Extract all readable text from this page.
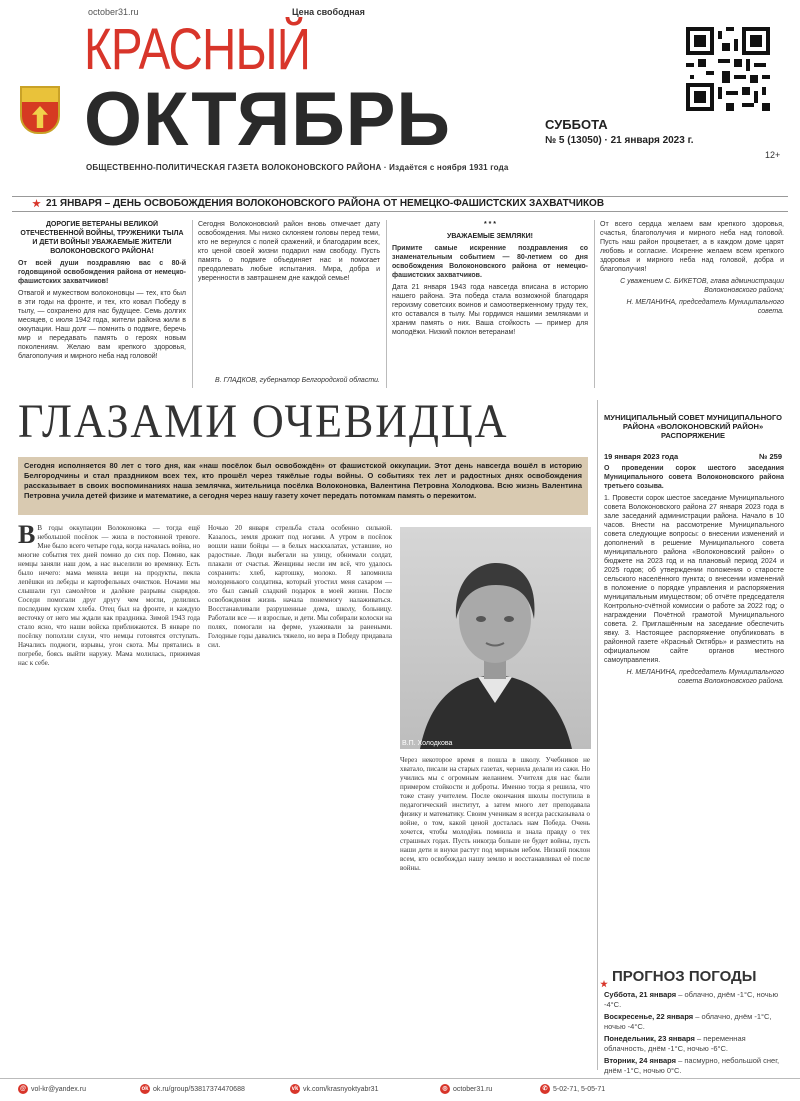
october31.ru	Цена свободная
КРАСНЫЙ
ОКТЯБРЬ
ОБЩЕСТВЕННО-ПОЛИТИЧЕСКАЯ ГАЗЕТА ВОЛОКОНОВСКОГО РАЙОНА · Издаётся с ноября 1931 года
СУББОТА
№ 5 (13050) · 21 января 2023 г.
12+
21 ЯНВАРЯ – ДЕНЬ ОСВОБОЖДЕНИЯ ВОЛОКОНОВСКОГО РАЙОНА ОТ НЕМЕЦКО-ФАШИСТСКИХ ЗАХВАТЧИКОВ

ДОРОГИЕ ВЕТЕРАНЫ ВЕЛИКОЙ ОТЕЧЕСТВЕННОЙ ВОЙНЫ, ТРУЖЕНИКИ ТЫЛА И ДЕТИ ВОЙНЫ! УВАЖАЕМЫЕ ЖИТЕЛИ ВОЛОКОНОВСКОГО РАЙОНА!

От всей души поздравляю вас с 80-й годовщиной освобождения района от немецко-фашистских захватчиков!

Отвагой и мужеством волоконовцы — тех, кто был в эти годы на фронте, и тех, кто ковал Победу в тылу, — сохранено для нас будущее. Семь долгих месяцев, с июля 1942 года, жители района жили в оккупации. Наш долг — помнить о подвиге, беречь мир и передавать память о героях новым поколениям. Желаю вам крепкого здоровья, благополучия и мирного неба над головой!

Сегодня Волоконовский район вновь отмечает дату освобождения. Мы низко склоняем головы перед теми, кто не вернулся с полей сражений, и благодарим всех, кто ценой своей жизни подарил нам свободу. Пусть память о подвиге объединяет нас и помогает преодолевать любые испытания. Мира, добра и уверенности в завтрашнем дне каждой семье!

В. ГЛАДКОВ, губернатор Белгородской области.

* * *

УВАЖАЕМЫЕ ЗЕМЛЯКИ!

Примите самые искренние поздравления со знаменательным событием — 80-летием со дня освобождения Волоконовского района от немецко-фашистских захватчиков.

Дата 21 января 1943 года навсегда вписана в историю нашего района. Эта победа стала возможной благодаря героизму советских воинов и самоотверженному труду тех, кто оставался в тылу. Мы гордимся нашими земляками и храним память о них. Ваша стойкость — пример для молодёжи. Низкий поклон ветеранам!

От всего сердца желаем вам крепкого здоровья, счастья, благополучия и мирного неба над головой. Пусть наш район процветает, а в каждом доме царят любовь и согласие. Искренне желаем всем крепкого здоровья и мирного неба над головой, добра и благополучия!

С уважением С. БИКЕТОВ, глава администрации Волоконовского района;

Н. МЕЛАНИНА, председатель Муниципального совета.

ГЛАЗАМИ ОЧЕВИДЦА
Сегодня исполняется 80 лет с того дня, как «наш посёлок был освобождён» от фашистской оккупации. Этот день навсегда вошёл в историю Белгородчины и стал праздником всех тех, кто прошёл через тяжёлые годы войны. О событиях тех лет и радостных днях освобождения рассказывает в своих воспоминаниях наша землячка, жительница посёлка Волоконовка, Валентина Петровна Холодкова. Всю жизнь Валентина Петровна учила детей физике и математике, а сегодня через нашу газету хочет передать потомкам память о пережитом.

В В годы оккупации Волоконовка — тогда ещё небольшой посёлок — жила в постоянной тревоге. Мне было всего четыре года, когда началась война, но многие события тех дней помню до сих пор. Помню, как немцы заняли наш дом, а нас выселили во времянку. Есть было нечего: мама меняла вещи на продукты, пекла лепёшки из лебеды и картофельных очистков. Ночами мы слышали гул самолётов и далёкие разрывы снарядов. Соседи помогали друг другу чем могли, делились последним куском хлеба. Отец был на фронте, и каждую весточку от него мы ждали как праздника. Зимой 1943 года стало ясно, что наши войска приближаются. В январе по посёлку поползли слухи, что немцы готовятся отступать. Начались поджоги, взрывы, угон скота. Мы прятались в погребе, боясь выйти наружу. Мама молилась, прижимая нас к себе.

Ночью 20 января стрельба стала особенно сильной. Казалось, земля дрожит под ногами. А утром в посёлок вошли наши бойцы — в белых маскхалатах, уставшие, но радостные. Люди выбегали на улицу, обнимали солдат, плакали от счастья. Женщины несли им всё, что удалось сохранить: хлеб, картошку, молоко. Я запомнила молоденького солдатика, который угостил меня сахаром — это был самый сладкий подарок в моей жизни. После освобождения жизнь начала понемногу налаживаться. Восстанавливали разрушенные дома, школу, больницу. Работали все — и взрослые, и дети. Мы собирали колоски на полях, помогали на ферме, ухаживали за ранеными. Голодные годы давались тяжело, но вера в Победу придавала сил.

Через некоторое время я пошла в школу. Учебников не хватало, писали на старых газетах, чернила делали из сажи. Но учились мы с огромным желанием. Учителя для нас были примером стойкости и доброты. Именно тогда я решила, что тоже стану учителем. После окончания школы поступила в педагогический институт, а затем много лет преподавала физику и математику. Своим ученикам я всегда рассказывала о войне, о том, какой ценой досталась нам Победа. Очень хочется, чтобы молодёжь помнила и знала правду о тех страшных годах. Пусть никогда больше не будет войны, пусть наши дети и внуки растут под мирным небом. Низкий поклон всем, кто освобождал нашу землю и восстанавливал её после войны.

В.П. Холодкова
МУНИЦИПАЛЬНЫЙ СОВЕТ МУНИЦИПАЛЬНОГО РАЙОНА «ВОЛОКОНОВСКИЙ РАЙОН» РАСПОРЯЖЕНИЕ
19 января 2023 года	№ 259

О проведении сорок шестого заседания Муниципального совета Волоконовского района третьего созыва.

1. Провести сорок шестое заседание Муниципального совета Волоконовского района 27 января 2023 года в зале заседаний администрации района. Начало в 10 часов. Внести на рассмотрение Муниципального совета следующие вопросы: о внесении изменений и дополнений в решение Муниципального совета муниципального района «Волоконовский район» о бюджете на 2023 год и на плановый период 2024 и 2025 годов; об утверждении положения о старосте сельского населённого пункта; о внесении изменений в положение о порядке управления и распоряжения муниципальным имуществом; об отчёте председателя Контрольно-счётной комиссии о работе за 2022 год; о награждении Почётной грамотой Муниципального совета. 2. Приглашённым на заседание обеспечить явку. 3. Настоящее распоряжение опубликовать в районной газете «Красный Октябрь» и разместить на официальном сайте органов местного самоуправления.

Н. МЕЛАНИНА, председатель Муниципального совета Волоконовского района.

ПРОГНОЗ ПОГОДЫ
Суббота, 21 января – облачно, днём -1°С, ночью -4°С.
Воскресенье, 22 января – облачно, днём -1°С, ночью -4°С.
Понедельник, 23 января – переменная облачность, днём -1°С, ночью -6°С.
Вторник, 24 января – пасмурно, небольшой снег, днём -1°С, ночью 0°С.
@ vol-kr@yandex.ru	ok ok.ru/group/53817374470688	vk vk.com/krasnyoktyabr31	◎ october31.ru	✆ 5-02-71, 5-05-71
